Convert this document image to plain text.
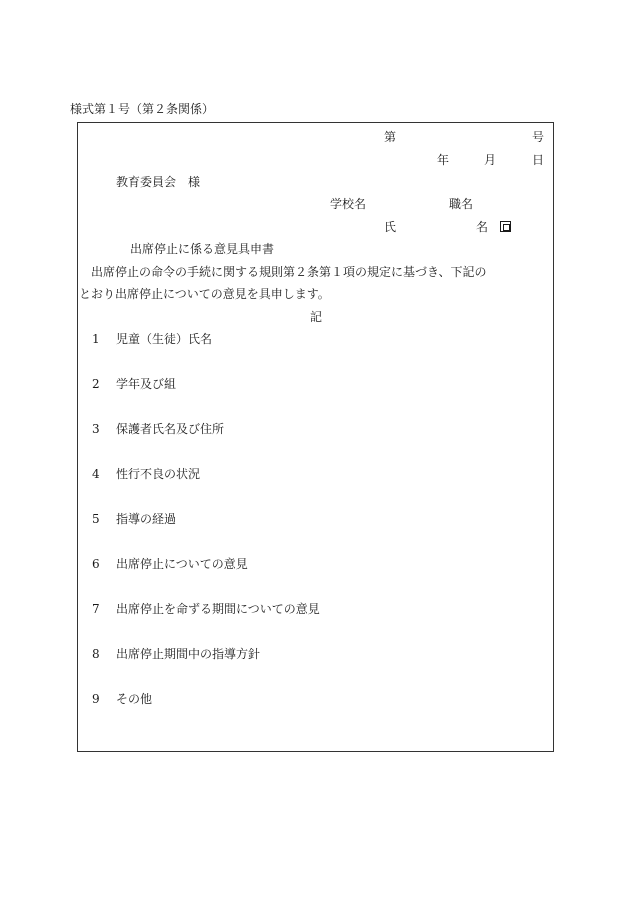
様式第１号（第２条関係）
第	号
年	月	日
教育委員会　様
学校名	職名
氏	名
出席停止に係る意見具申書
出席停止の命令の手続に関する規則第２条第１項の規定に基づき、下記の
とおり出席停止についての意見を具申します。
記
1 児童（生徒）氏名
2 学年及び組
3 保護者氏名及び住所
4 性行不良の状況
5 指導の経過
6 出席停止についての意見
7 出席停止を命ずる期間についての意見
8 出席停止期間中の指導方針
9 その他
